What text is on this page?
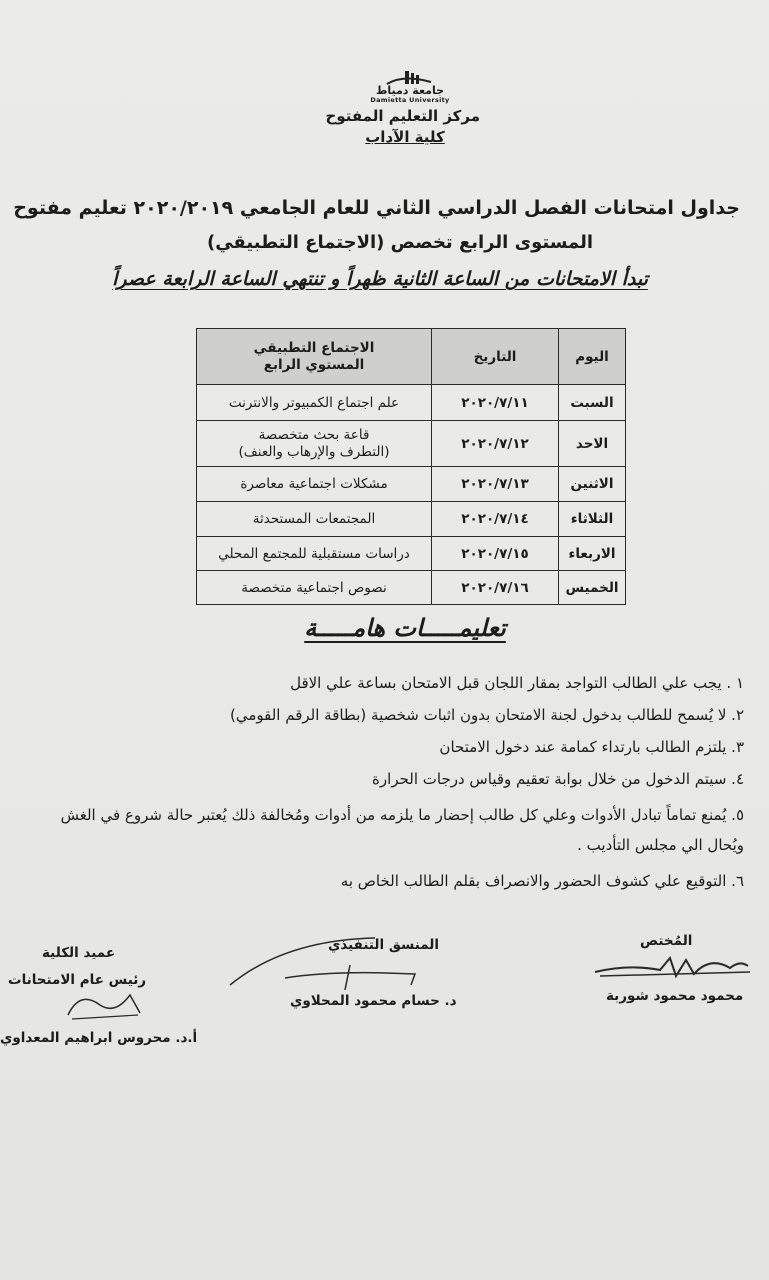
جامعة دمياط
Damietta University
مركز التعليم المفتوح
كلية الآداب
جداول امتحانات الفصل الدراسي الثاني للعام الجامعي ٢٠٢٠/٢٠١٩ تعليم مفتوح
المستوى الرابع تخصص (الاجتماع التطبيقي)
تبدأ الامتحانات من الساعة الثانية ظهراً و تنتهي الساعة الرابعة عصراً
اليوم	التاريخ	الاجتماع التطبيقي
المستوي الرابع

السبت	٢٠٢٠/٧/١١	علم اجتماع الكمبيوتر والانترنت
الاحد	٢٠٢٠/٧/١٢	قاعة بحث متخصصة
(التطرف والإرهاب والعنف)

الاثنين	٢٠٢٠/٧/١٣	مشكلات اجتماعية معاصرة
الثلاثاء	٢٠٢٠/٧/١٤	المجتمعات المستحدثة
الاربعاء	٢٠٢٠/٧/١٥	دراسات مستقبلية للمجتمع المحلي
الخميس	٢٠٢٠/٧/١٦	نصوص اجتماعية متخصصة
تعليمـــــات هامـــــة
١ . يجب علي الطالب التواجد بمقار اللجان قبل الامتحان بساعة علي الاقل
٢. لا يُسمح للطالب بدخول لجنة الامتحان بدون اثبات شخصية (بطاقة الرقم القومي)
٣. يلتزم الطالب بارتداء كمامة عند دخول الامتحان
٤. سيتم الدخول من خلال بوابة تعقيم وقياس درجات الحرارة
٥. يُمنع تماماً تبادل الأدوات وعلي كل طالب إحضار ما يلزمه من أدوات ومُخالفة ذلك يُعتبر حالة شروع في الغش ويُحال الي مجلس التأديب .
٦. التوقيع علي كشوف الحضور والانصراف بقلم الطالب الخاص به
المُختص
محمود محمود شوربة
المنسق التنفيذي
د. حسام محمود المحلاوي
عميد الكلية
رئيس عام الامتحانات
أ.د. محروس ابراهيم المعداوي
